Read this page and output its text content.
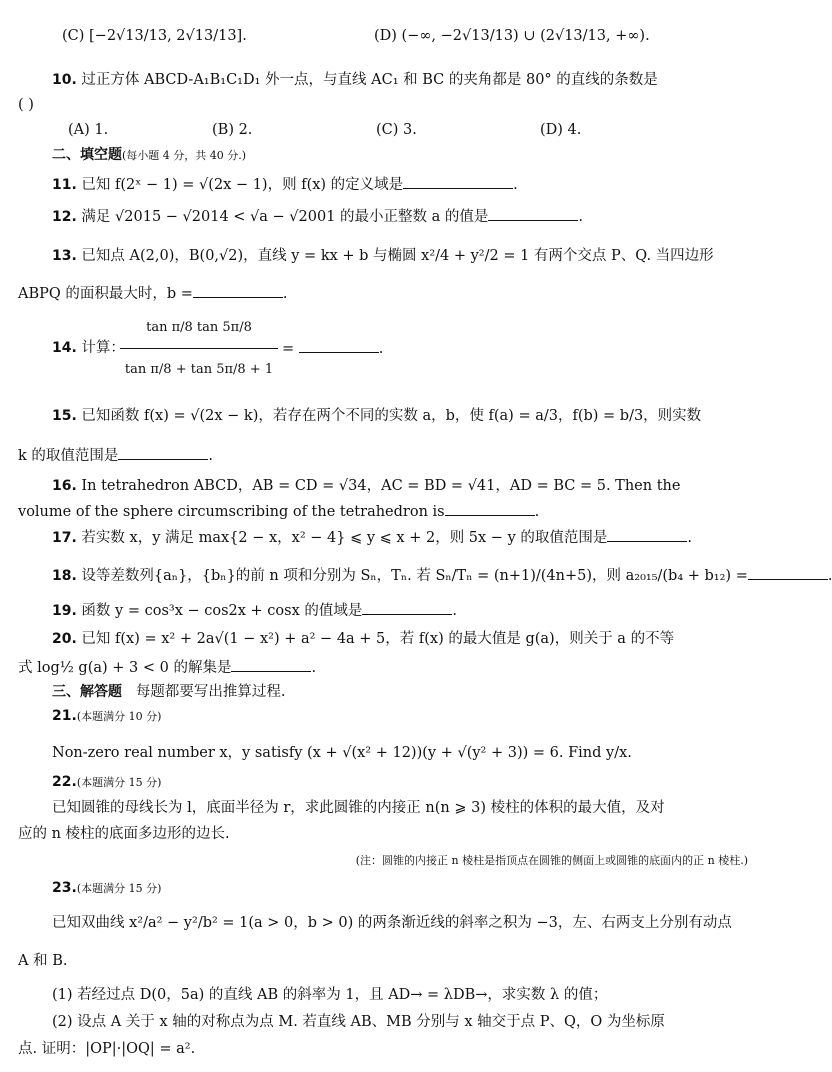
(C) [−2√13/13, 2√13/13].	(D) (−∞, −2√13/13) ∪ (2√13/13, +∞).
10. 过正方体 ABCD-A₁B₁C₁D₁ 外一点，与直线 AC₁ 和 BC 的夹角都是 80° 的直线的条数是
( )
(A) 1.	(B) 2.	(C) 3.	(D) 4.
二、填空题(每小题 4 分，共 40 分.)
11. 已知 f(2ˣ − 1) = √(2x − 1)，则 f(x) 的定义域是	.
12. 满足 √2015 − √2014 < √a − √2001 的最小正整数 a 的值是	.
13. 已知点 A(2,0)，B(0,√2)，直线 y = kx + b 与椭圆 x²/4 + y²/2 = 1 有两个交点 P、Q. 当四边形
ABPQ 的面积最大时，b =	.
14. 计算：
tan π/8 tan 5π/8
tan π/8 + tan 5π/8 + 1
=	.
15. 已知函数 f(x) = √(2x − k)，若存在两个不同的实数 a，b，使 f(a) = a/3，f(b) = b/3，则实数
k 的取值范围是	.
16. In tetrahedron ABCD，AB = CD = √34，AC = BD = √41，AD = BC = 5. Then the
volume of the sphere circumscribing of the tetrahedron is	.
17. 若实数 x，y 满足 max{2 − x，x² − 4} ⩽ y ⩽ x + 2，则 5x − y 的取值范围是	.
18. 设等差数列{aₙ}，{bₙ}的前 n 项和分别为 Sₙ，Tₙ. 若 Sₙ/Tₙ = (n+1)/(4n+5)，则 a₂₀₁₅/(b₄ + b₁₂) =	.
19. 函数 y = cos³x − cos2x + cosx 的值域是	.
20. 已知 f(x) = x² + 2a√(1 − x²) + a² − 4a + 5，若 f(x) 的最大值是 g(a)，则关于 a 的不等
式 log½ g(a) + 3 < 0 的解集是	.
三、解答题 每题都要写出推算过程.
21.(本题满分 10 分)
Non-zero real number x，y satisfy (x + √(x² + 12))(y + √(y² + 3)) = 6. Find y/x.
22.(本题满分 15 分)
已知圆锥的母线长为 l，底面半径为 r，求此圆锥的内接正 n(n ⩾ 3) 棱柱的体积的最大值，及对
应的 n 棱柱的底面多边形的边长.
(注：圆锥的内接正 n 棱柱是指顶点在圆锥的侧面上或圆锥的底面内的正 n 棱柱.)
23.(本题满分 15 分)
已知双曲线 x²/a² − y²/b² = 1(a > 0，b > 0) 的两条渐近线的斜率之积为 −3，左、右两支上分别有动点
A 和 B.
(1) 若经过点 D(0，5a) 的直线 AB 的斜率为 1，且 AD→ = λDB→，求实数 λ 的值；
(2) 设点 A 关于 x 轴的对称点为点 M. 若直线 AB、MB 分别与 x 轴交于点 P、Q，O 为坐标原
点. 证明：|OP|·|OQ| = a².
